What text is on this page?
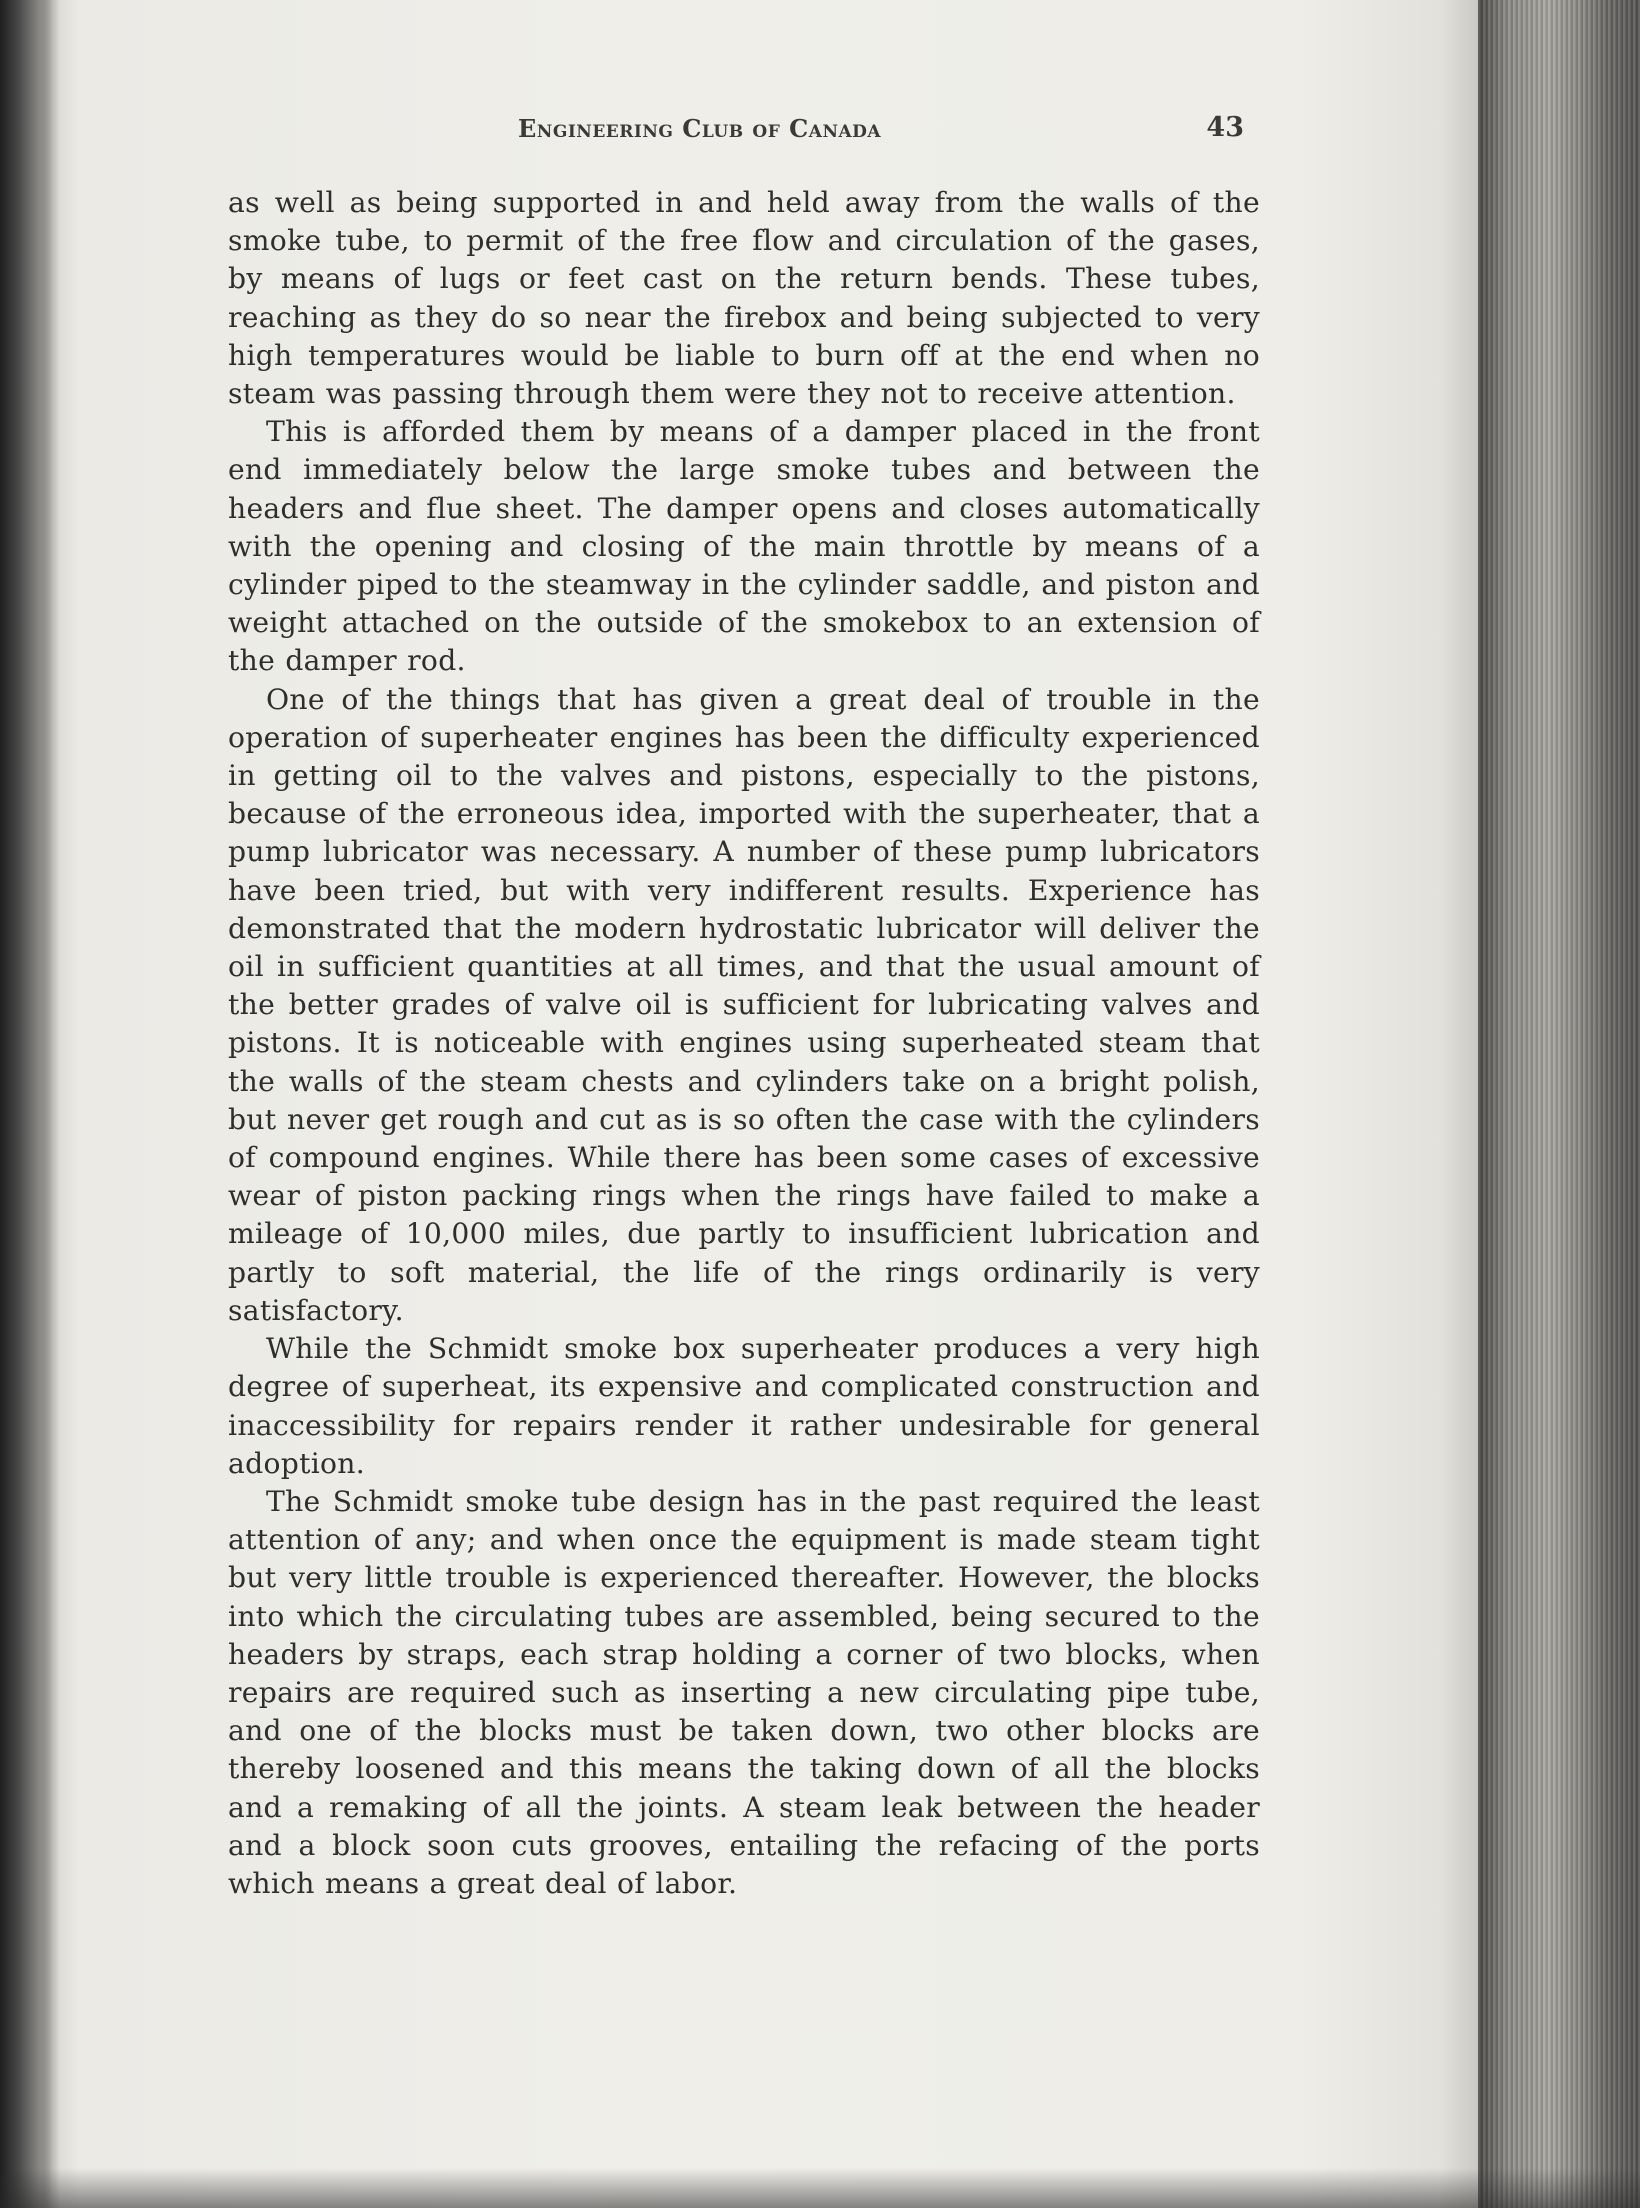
Engineering Club of Canada	43

as well as being supported in and held away from the walls of the smoke tube, to permit of the free flow and circulation of the gases, by means of lugs or feet cast on the return bends. These tubes, reaching as they do so near the firebox and being subjected to very high temperatures would be liable to burn off at the end when no steam was passing through them were they not to receive attention.

This is afforded them by means of a damper placed in the front end immediately below the large smoke tubes and between the headers and flue sheet. The damper opens and closes automatically with the opening and closing of the main throttle by means of a cylinder piped to the steamway in the cylinder saddle, and piston and weight attached on the outside of the smokebox to an extension of the damper rod.

One of the things that has given a great deal of trouble in the operation of superheater engines has been the difficulty experienced in getting oil to the valves and pistons, especially to the pistons, because of the erroneous idea, imported with the superheater, that a pump lubricator was necessary. A number of these pump lubricators have been tried, but with very indifferent results. Experience has demonstrated that the modern hydrostatic lubricator will deliver the oil in sufficient quantities at all times, and that the usual amount of the better grades of valve oil is sufficient for lubricating valves and pistons. It is noticeable with engines using superheated steam that the walls of the steam chests and cylinders take on a bright polish, but never get rough and cut as is so often the case with the cylinders of compound engines. While there has been some cases of excessive wear of piston packing rings when the rings have failed to make a mileage of 10,000 miles, due partly to insufficient lubrication and partly to soft material, the life of the rings ordinarily is very satisfactory.

While the Schmidt smoke box superheater produces a very high degree of superheat, its expensive and complicated construction and inaccessibility for repairs render it rather undesirable for general adoption.

The Schmidt smoke tube design has in the past required the least attention of any; and when once the equipment is made steam tight but very little trouble is experienced thereafter. However, the blocks into which the circulating tubes are assembled, being secured to the headers by straps, each strap holding a corner of two blocks, when repairs are required such as inserting a new circulating pipe tube, and one of the blocks must be taken down, two other blocks are thereby loosened and this means the taking down of all the blocks and a remaking of all the joints. A steam leak between the header and a block soon cuts grooves, entailing the refacing of the ports which means a great deal of labor.
